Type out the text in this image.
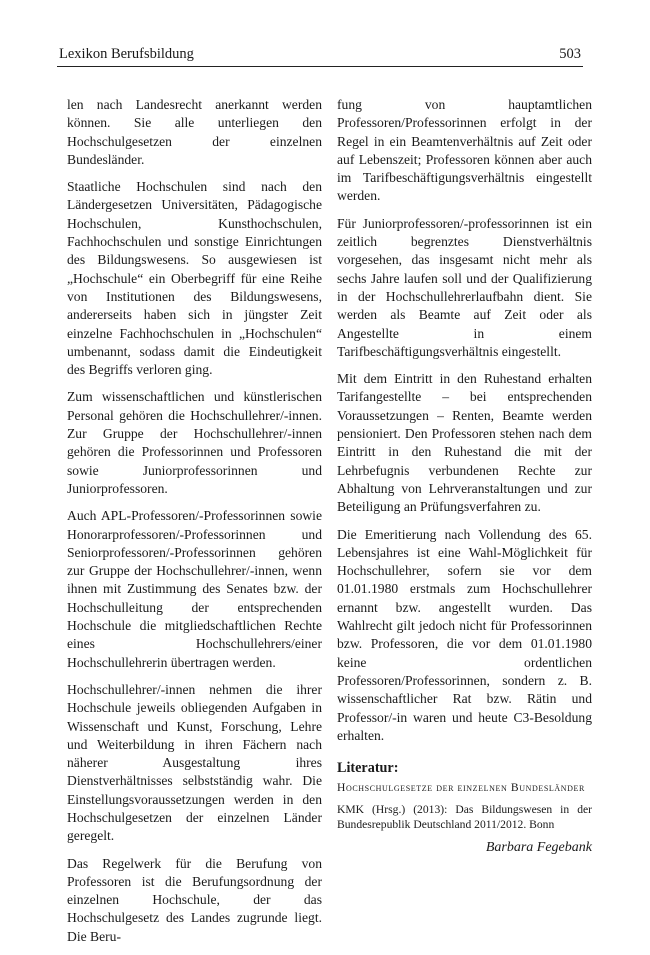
Lexikon Berufsbildung	503

len nach Landesrecht anerkannt werden können. Sie alle unterliegen den Hochschulgesetzen der einzelnen Bundesländer.

Staatliche Hochschulen sind nach den Ländergesetzen Universitäten, Pädagogische Hochschulen, Kunsthochschulen, Fachhochschulen und sonstige Einrichtungen des Bildungswesens. So ausgewiesen ist „Hochschule“ ein Oberbegriff für eine Reihe von Institutionen des Bildungswesens, andererseits haben sich in jüngster Zeit einzelne Fachhochschulen in „Hochschulen“ umbenannt, sodass damit die Eindeutigkeit des Begriffs verloren ging.

Zum wissenschaftlichen und künstlerischen Personal gehören die Hochschullehrer/-innen. Zur Gruppe der Hochschullehrer/-innen gehören die Professorinnen und Professoren sowie Juniorprofessorinnen und Juniorprofessoren.

Auch APL-Professoren/-Professorinnen sowie Honorarprofessoren/-Professorinnen und Seniorprofessoren/-Professorinnen gehören zur Gruppe der Hochschullehrer/-innen, wenn ihnen mit Zustimmung des Senates bzw. der Hochschulleitung der entsprechenden Hochschule die mitgliedschaftlichen Rechte eines Hochschullehrers/einer Hochschullehrerin übertragen werden.

Hochschullehrer/-innen nehmen die ihrer Hochschule jeweils obliegenden Aufgaben in Wissenschaft und Kunst, Forschung, Lehre und Weiterbildung in ihren Fächern nach näherer Ausgestaltung ihres Dienstverhältnisses selbstständig wahr. Die Einstellungsvoraussetzungen werden in den Hochschulgesetzen der einzelnen Länder geregelt.

Das Regelwerk für die Berufung von Professoren ist die Berufungsordnung der einzelnen Hochschule, der das Hochschulgesetz des Landes zugrunde liegt. Die Beru-

fung von hauptamtlichen Professoren/Professorinnen erfolgt in der Regel in ein Beamtenverhältnis auf Zeit oder auf Lebenszeit; Professoren können aber auch im Tarifbeschäftigungsverhältnis eingestellt werden.

Für Juniorprofessoren/-professorinnen ist ein zeitlich begrenztes Dienstverhältnis vorgesehen, das insgesamt nicht mehr als sechs Jahre laufen soll und der Qualifizierung in der Hochschullehrerlaufbahn dient. Sie werden als Beamte auf Zeit oder als Angestellte in einem Tarifbeschäftigungsverhältnis eingestellt.

Mit dem Eintritt in den Ruhestand erhalten Tarifangestellte – bei entsprechenden Voraussetzungen – Renten, Beamte werden pensioniert. Den Professoren stehen nach dem Eintritt in den Ruhestand die mit der Lehrbefugnis verbundenen Rechte zur Abhaltung von Lehrveranstaltungen und zur Beteiligung an Prüfungsverfahren zu.

Die Emeritierung nach Vollendung des 65. Lebensjahres ist eine Wahl-Möglichkeit für Hochschullehrer, sofern sie vor dem 01.01.1980 erstmals zum Hochschullehrer ernannt bzw. angestellt wurden. Das Wahlrecht gilt jedoch nicht für Professorinnen bzw. Professoren, die vor dem 01.01.1980 keine ordentlichen Professoren/Professorinnen, sondern z. B. wissenschaftlicher Rat bzw. Rätin und Professor/-in waren und heute C3-Besoldung erhalten.

Literatur:
Hochschulgesetze der einzelnen Bundesländer
KMK (Hrsg.) (2013): Das Bildungswesen in der Bundesrepublik Deutschland 2011/2012. Bonn
Barbara Fegebank
